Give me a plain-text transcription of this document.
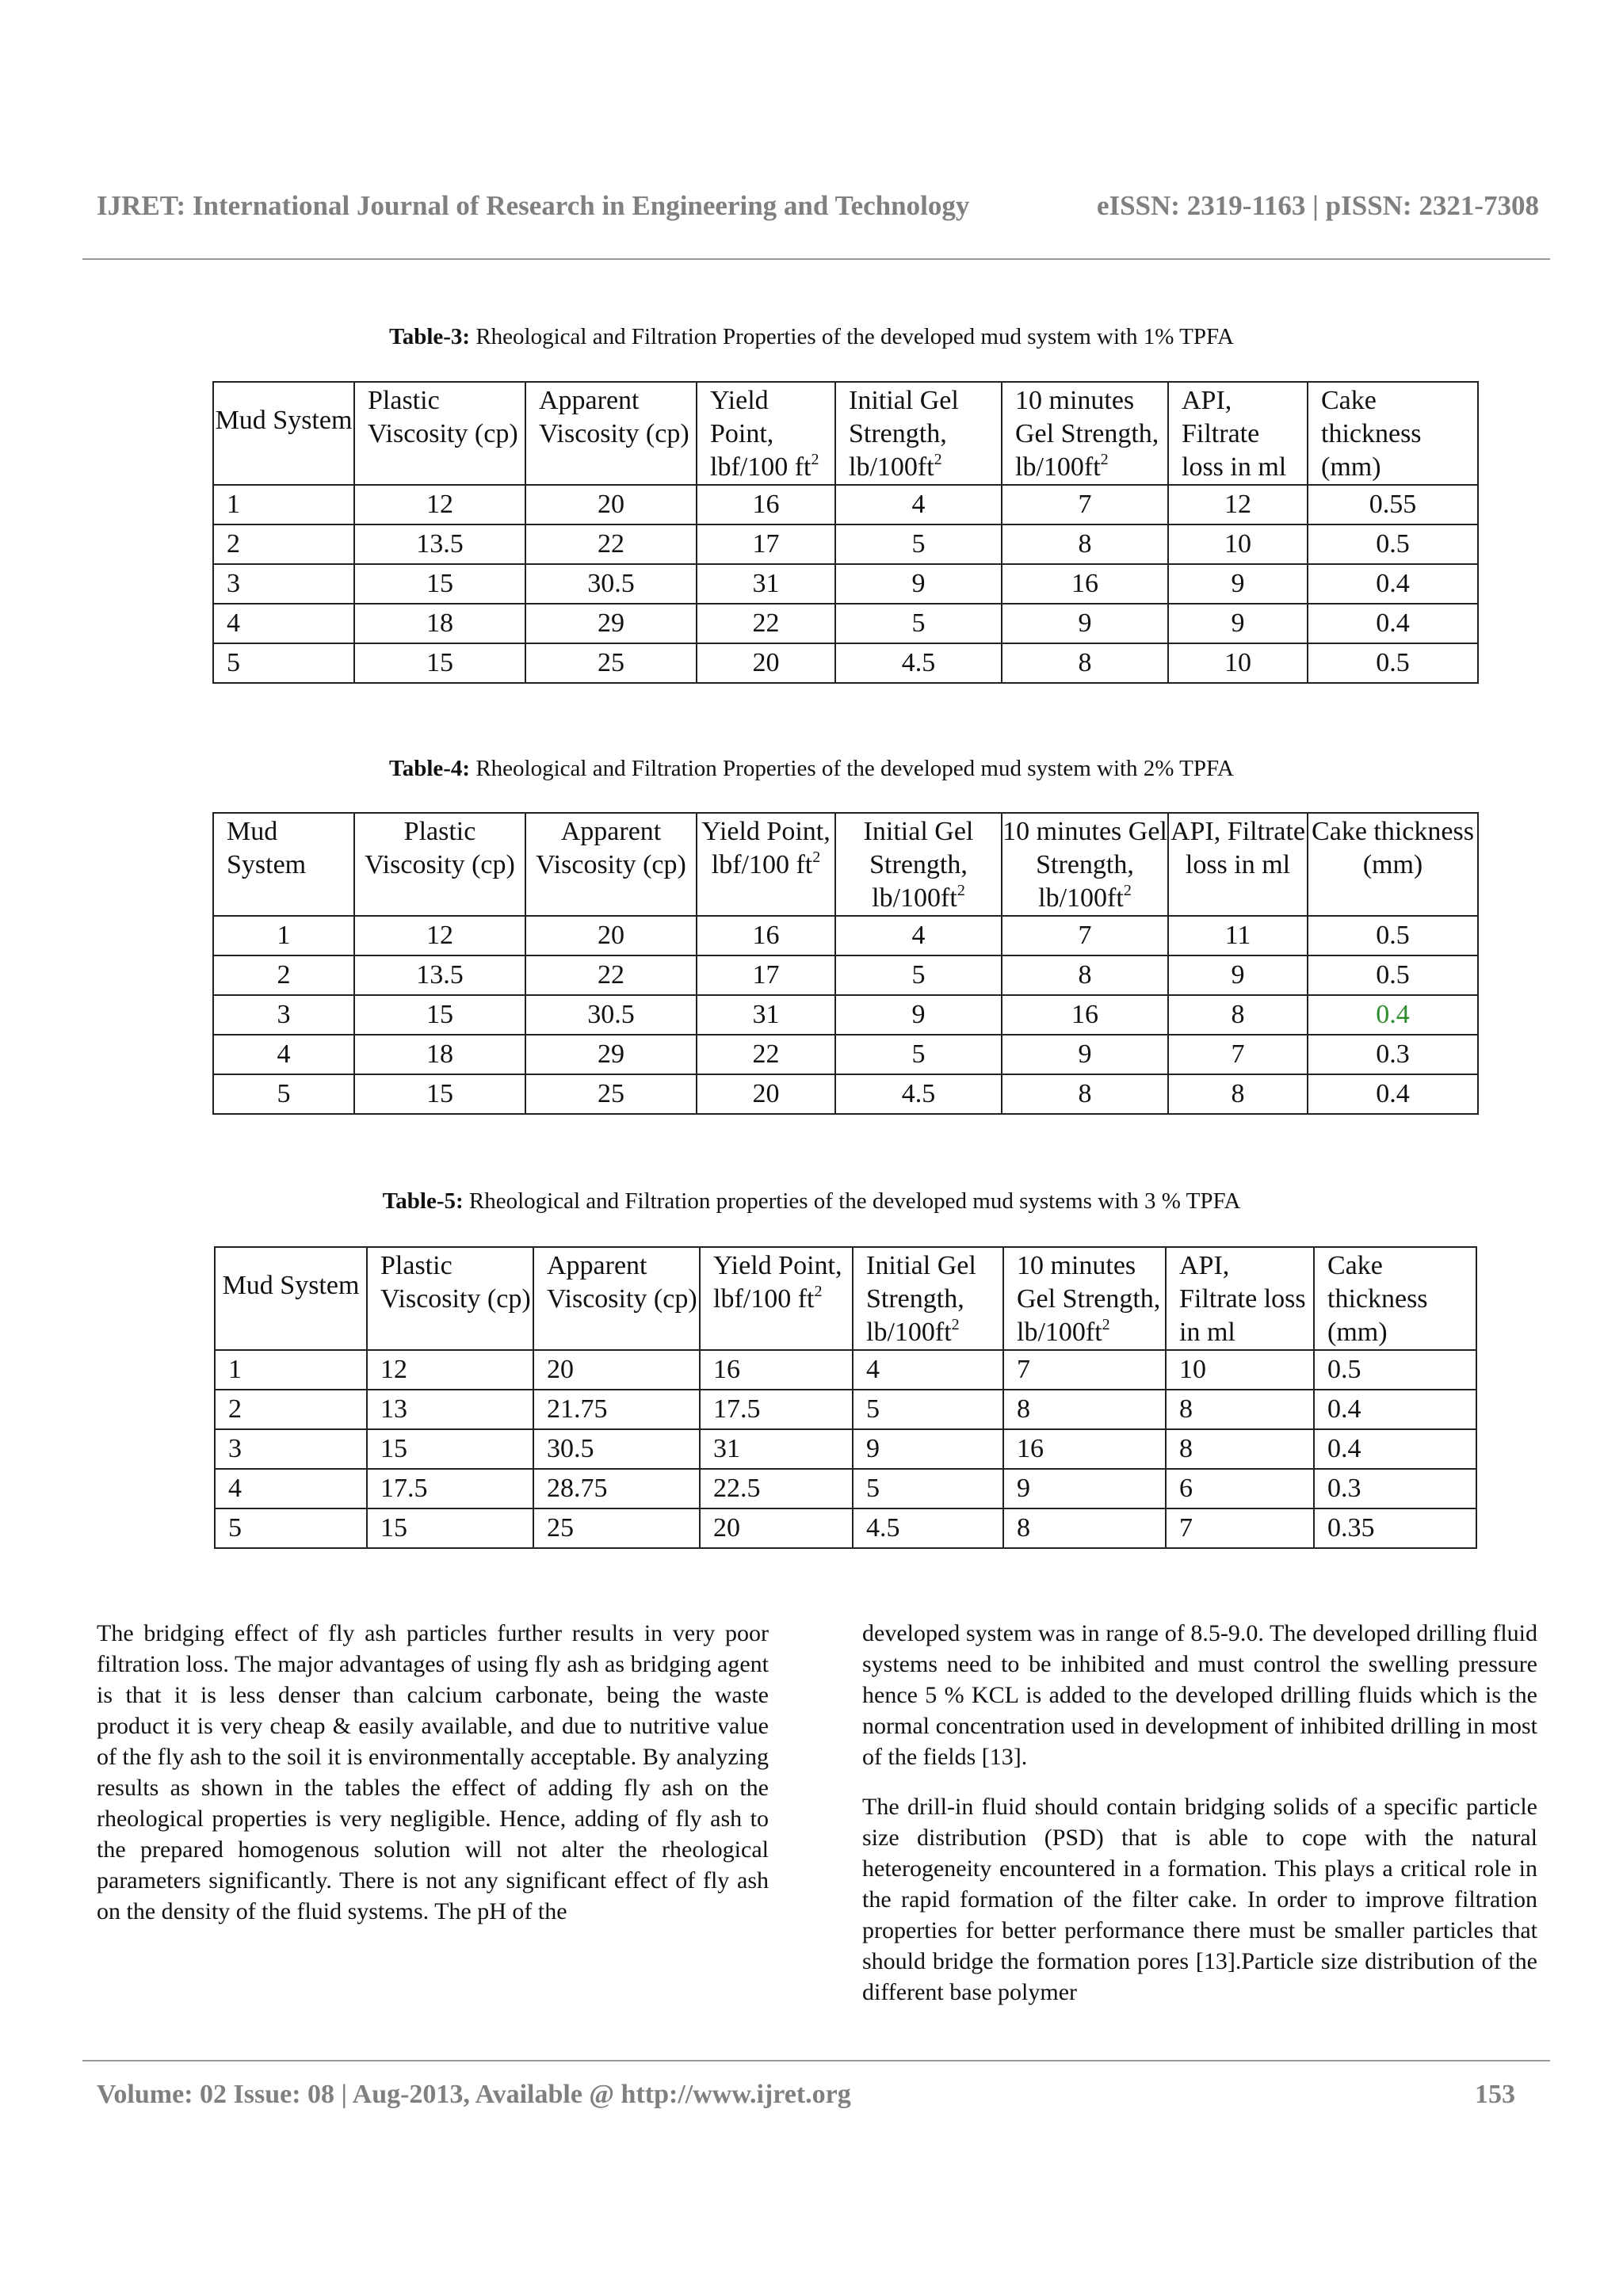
IJRET: International Journal of Research in Engineering and Technology	eISSN: 2319-1163 | pISSN: 2321-7308
Table-3: Rheological and Filtration Properties of the developed mud system with 1% TPFA
Mud System	Plastic Viscosity (cp)	Apparent Viscosity (cp)	Yield Point, lbf/100 $ft^2$	Initial Gel Strength, $lb/100ft^2$	10 minutes Gel Strength, $lb/100ft^2$	API, Filtrate loss in ml	Cake thickness (mm)
1	12	20	16	4	7	12	0.55
2	13.5	22	17	5	8	10	0.5
3	15	30.5	31	9	16	9	0.4
4	18	29	22	5	9	9	0.4
5	15	25	20	4.5	8	10	0.5
Table-4: Rheological and Filtration Properties of the developed mud system with 2% TPFA
Mud System	Plastic Viscosity (cp)	Apparent Viscosity (cp)	Yield Point, lbf/100 $ft^2$	Initial Gel Strength, $lb/100ft^2$	10 minutes Gel Strength, $lb/100ft^2$	API, Filtrate loss in ml	Cake thickness (mm)
1	12	20	16	4	7	11	0.5
2	13.5	22	17	5	8	9	0.5
3	15	30.5	31	9	16	8	0.4
4	18	29	22	5	9	7	0.3
5	15	25	20	4.5	8	8	0.4
Table-5: Rheological and Filtration properties of the developed mud systems with 3 % TPFA
Mud System	Plastic Viscosity (cp)	Apparent Viscosity (cp)	Yield Point, lbf/100 $ft^2$	Initial Gel Strength, $lb/100ft^2$	10 minutes Gel Strength, $lb/100ft^2$	API, Filtrate loss in ml	Cake thickness (mm)
1	12	20	16	4	7	10	0.5
2	13	21.75	17.5	5	8	8	0.4
3	15	30.5	31	9	16	8	0.4
4	17.5	28.75	22.5	5	9	6	0.3
5	15	25	20	4.5	8	7	0.35

The bridging effect of fly ash particles further results in very poor filtration loss. The major advantages of using fly ash as bridging agent is that it is less denser than calcium carbonate, being the waste product it is very cheap & easily available, and due to nutritive value of the fly ash to the soil it is environmentally acceptable. By analyzing results as shown in the tables the effect of adding fly ash on the rheological properties is very negligible. Hence, adding of fly ash to the prepared homogenous solution will not alter the rheological parameters significantly. There is not any significant effect of fly ash on the density of the fluid systems. The pH of the

developed system was in range of 8.5-9.0. The developed drilling fluid systems need to be inhibited and must control the swelling pressure hence 5 % KCL is added to the developed drilling fluids which is the normal concentration used in development of inhibited drilling in most of the fields [13].

The drill-in fluid should contain bridging solids of a specific particle size distribution (PSD) that is able to cope with the natural heterogeneity encountered in a formation. This plays a critical role in the rapid formation of the filter cake. In order to improve filtration properties for better performance there must be smaller particles that should bridge the formation pores [13].Particle size distribution of the different base polymer

Volume: 02 Issue: 08 | Aug-2013, Available @ http://www.ijret.org	153
